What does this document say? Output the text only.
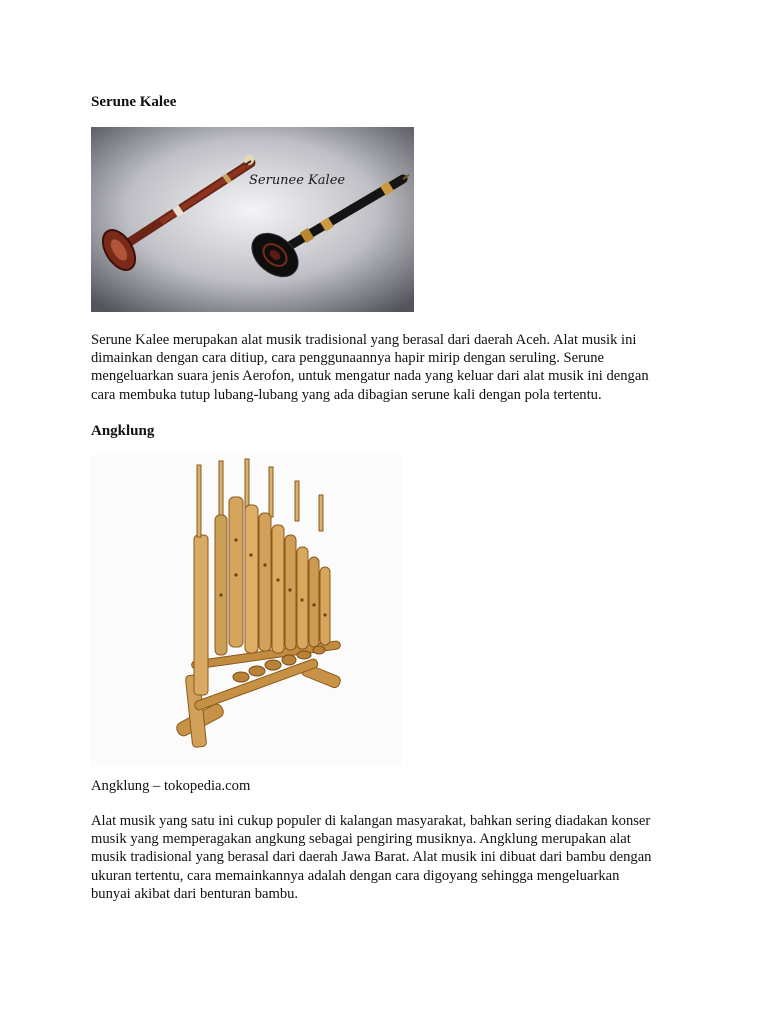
Serune Kalee
Serunee Kalee

Serune Kalee merupakan alat musik tradisional yang berasal dari daerah Aceh. Alat musik ini
dimainkan dengan cara ditiup, cara penggunaannya hapir mirip dengan seruling. Serune
mengeluarkan suara jenis Aerofon, untuk mengatur nada yang keluar dari alat musik ini dengan
cara membuka tutup lubang-lubang yang ada dibagian serune kali dengan pola tertentu.

Angklung

Angklung – tokopedia.com

Alat musik yang satu ini cukup populer di kalangan masyarakat, bahkan sering diadakan konser
musik yang memperagakan angkung sebagai pengiring musiknya. Angklung merupakan alat
musik tradisional yang berasal dari daerah Jawa Barat. Alat musik ini dibuat dari bambu dengan
ukuran tertentu, cara memainkannya adalah dengan cara digoyang sehingga mengeluarkan
bunyai akibat dari benturan bambu.
